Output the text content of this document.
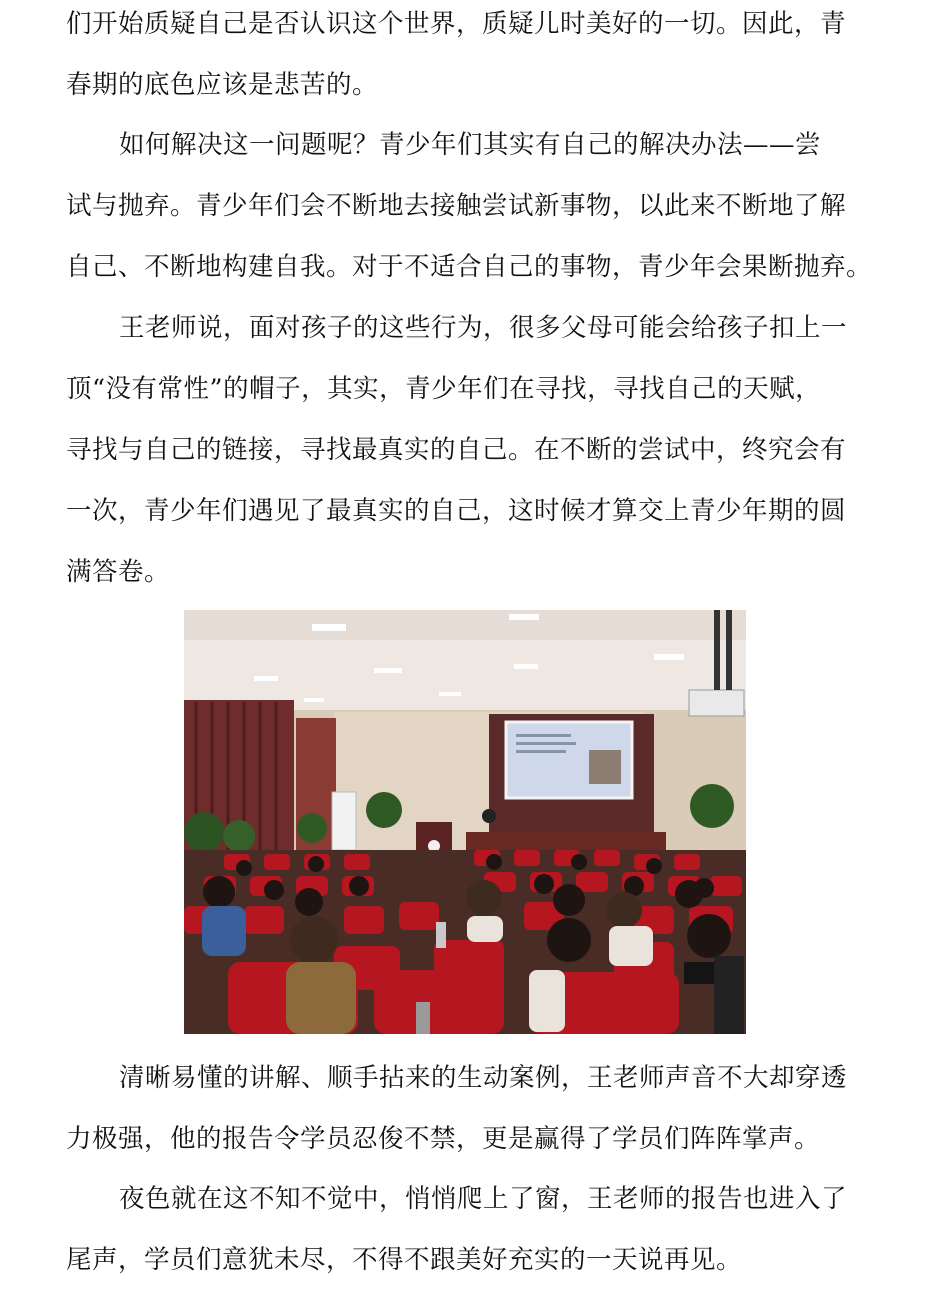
们开始质疑自己是否认识这个世界，质疑儿时美好的一切。因此，青
春期的底色应该是悲苦的。

如何解决这一问题呢？青少年们其实有自己的解决办法——尝
试与抛弃。青少年们会不断地去接触尝试新事物，以此来不断地了解
自己、不断地构建自我。对于不适合自己的事物，青少年会果断抛弃。

王老师说，面对孩子的这些行为，很多父母可能会给孩子扣上一
顶“没有常性”的帽子，其实，青少年们在寻找，寻找自己的天赋，
寻找与自己的链接，寻找最真实的自己。在不断的尝试中，终究会有
一次，青少年们遇见了最真实的自己，这时候才算交上青少年期的圆
满答卷。

清晰易懂的讲解、顺手拈来的生动案例，王老师声音不大却穿透
力极强，他的报告令学员忍俊不禁，更是赢得了学员们阵阵掌声。

夜色就在这不知不觉中，悄悄爬上了窗，王老师的报告也进入了
尾声，学员们意犹未尽，不得不跟美好充实的一天说再见。
